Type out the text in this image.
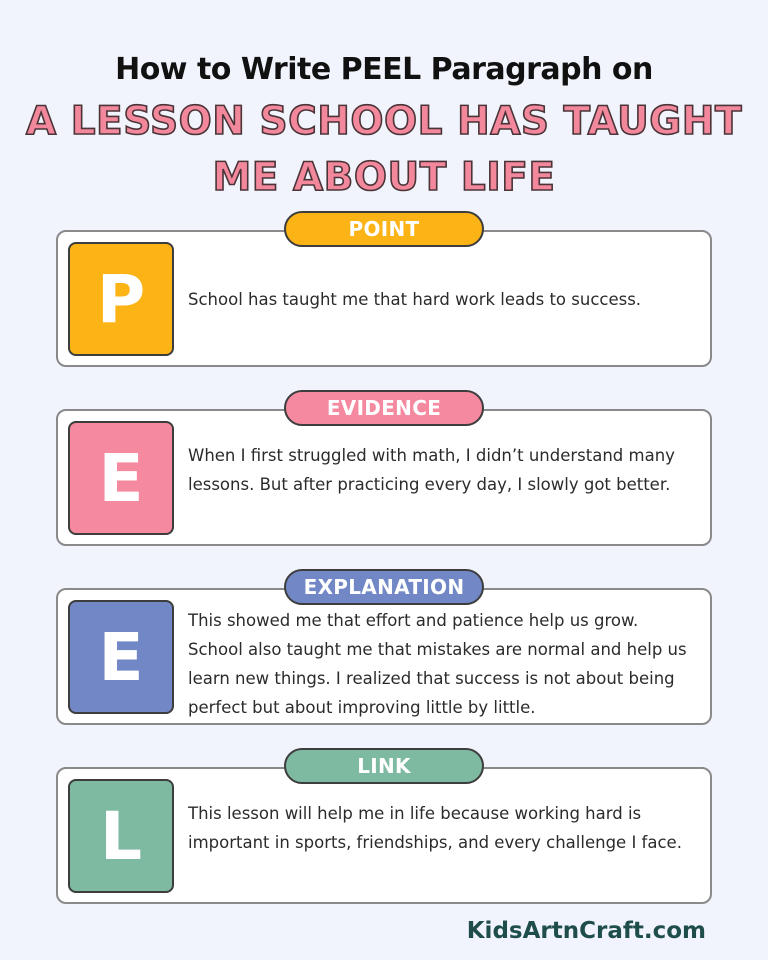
How to Write PEEL Paragraph on
A LESSON SCHOOL HAS TAUGHT
ME ABOUT LIFE
P	School has taught me that hard work leads to success.
POINT
E	When I first struggled with math, I didn’t understand many lessons. But after practicing every day, I slowly got better.
EVIDENCE
E	This showed me that effort and patience help us grow. School also taught me that mistakes are normal and help us learn new things. I realized that success is not about being perfect but about improving little by little.
EXPLANATION
L	This lesson will help me in life because working hard is important in sports, friendships, and every challenge I face.
LINK
KidsArtnCraft.com
